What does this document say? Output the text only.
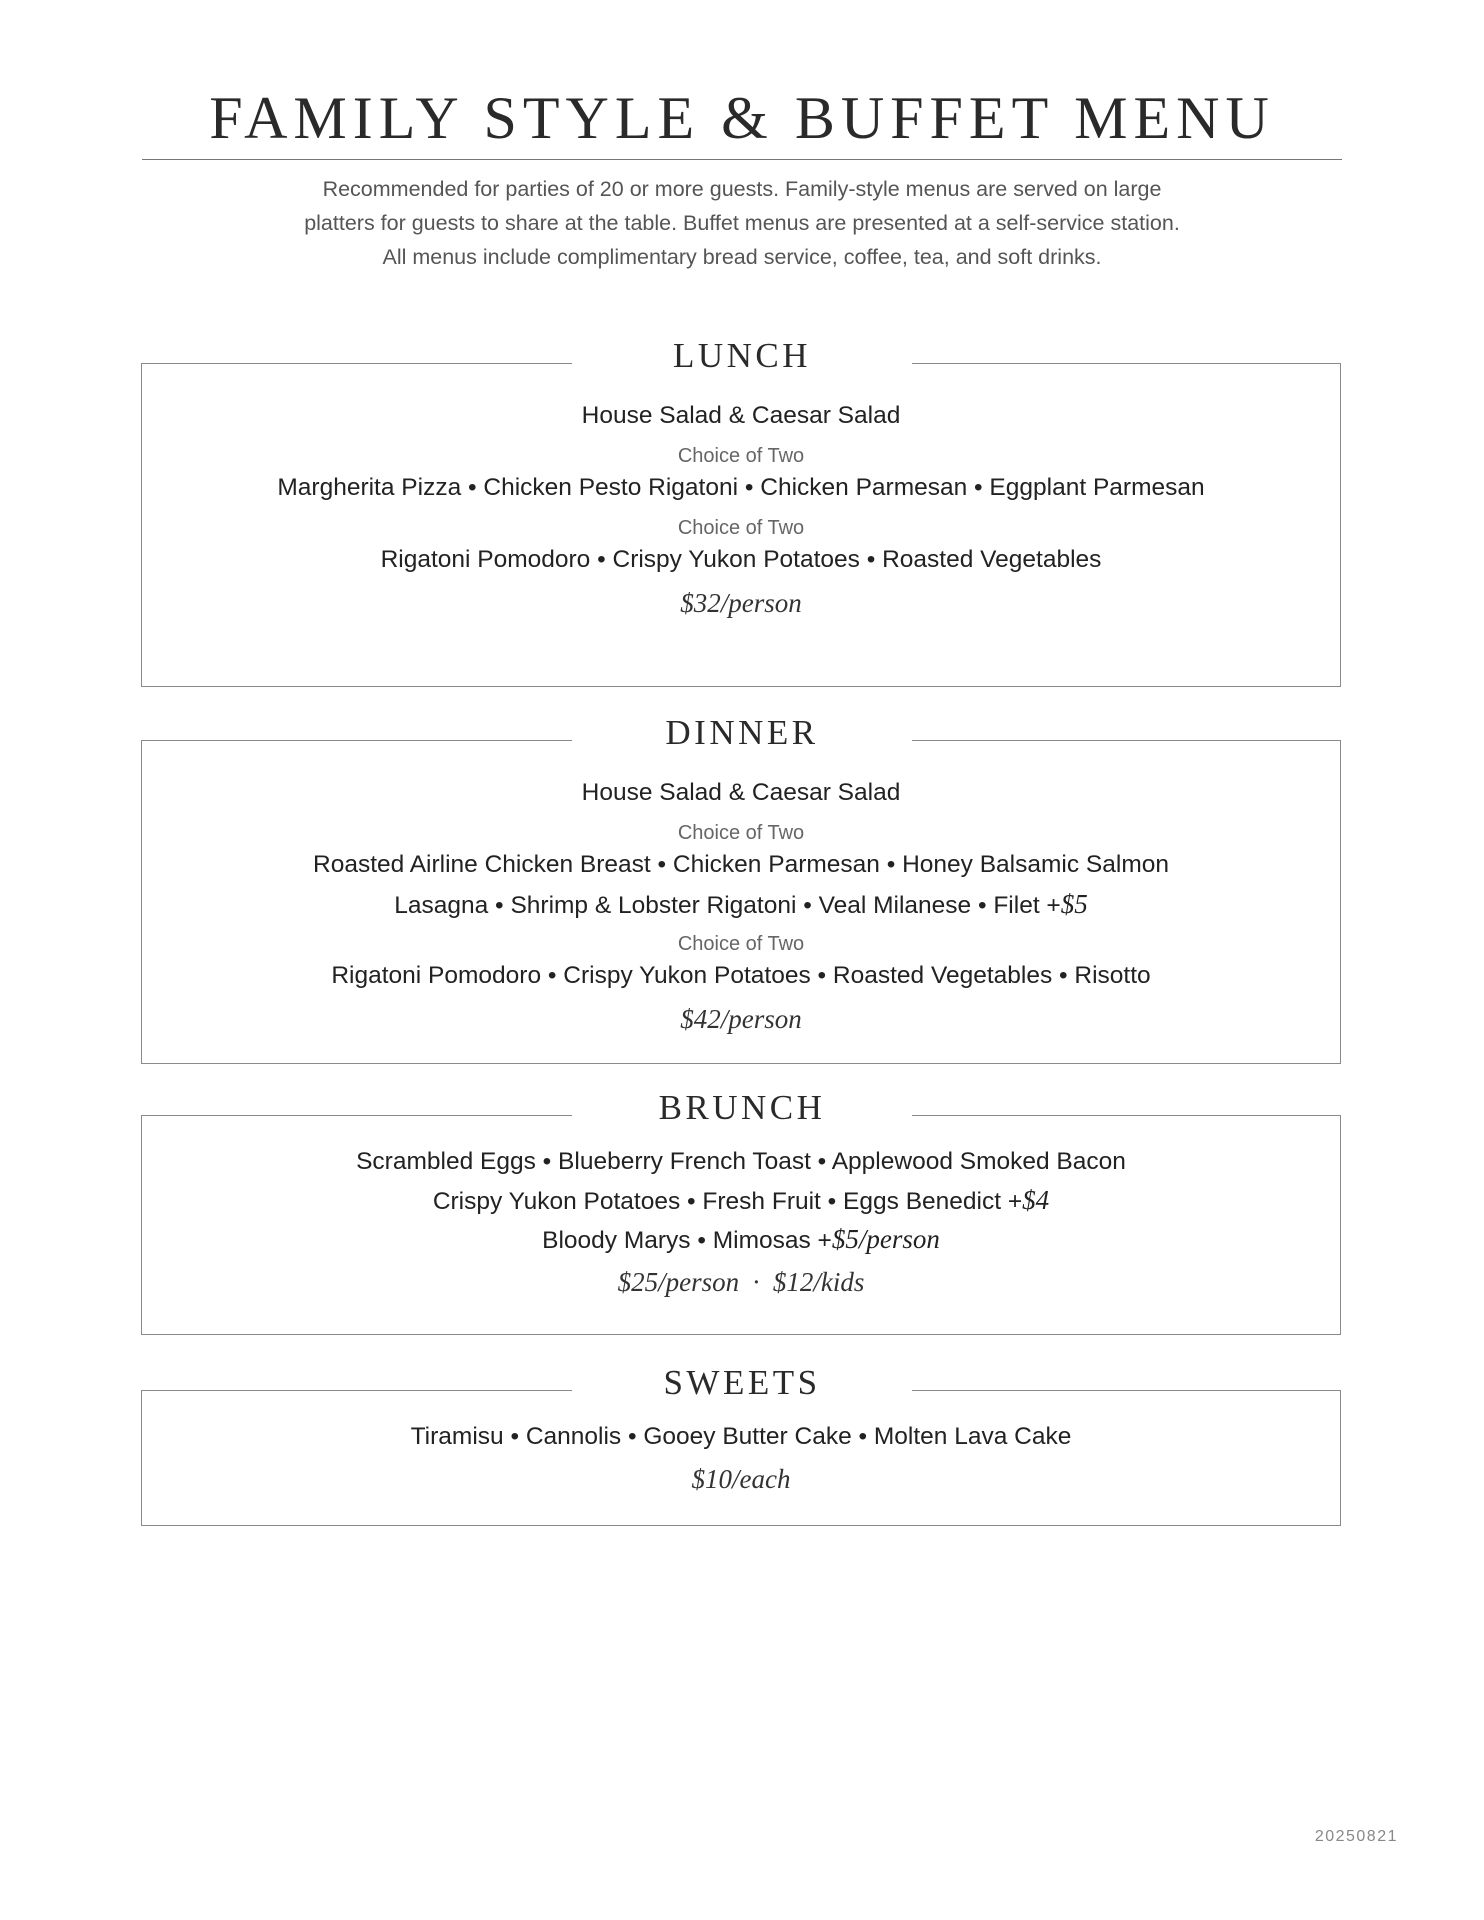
FAMILY STYLE & BUFFET MENU
Recommended for parties of 20 or more guests. Family-style menus are served on large
platters for guests to share at the table. Buffet menus are presented at a self-service station.
All menus include complimentary bread service, coffee, tea, and soft drinks.
LUNCH
House Salad & Caesar Salad
Choice of Two
Margherita Pizza • Chicken Pesto Rigatoni • Chicken Parmesan • Eggplant Parmesan
Choice of Two
Rigatoni Pomodoro • Crispy Yukon Potatoes • Roasted Vegetables
$32/person
DINNER
House Salad & Caesar Salad
Choice of Two
Roasted Airline Chicken Breast • Chicken Parmesan • Honey Balsamic Salmon
Lasagna • Shrimp & Lobster Rigatoni • Veal Milanese • Filet +$5
Choice of Two
Rigatoni Pomodoro • Crispy Yukon Potatoes • Roasted Vegetables • Risotto
$42/person
BRUNCH
Scrambled Eggs • Blueberry French Toast • Applewood Smoked Bacon
Crispy Yukon Potatoes • Fresh Fruit • Eggs Benedict +$4
Bloody Marys • Mimosas +$5/person
$25/person  ·  $12/kids
SWEETS
Tiramisu • Cannolis • Gooey Butter Cake • Molten Lava Cake
$10/each
20250821
